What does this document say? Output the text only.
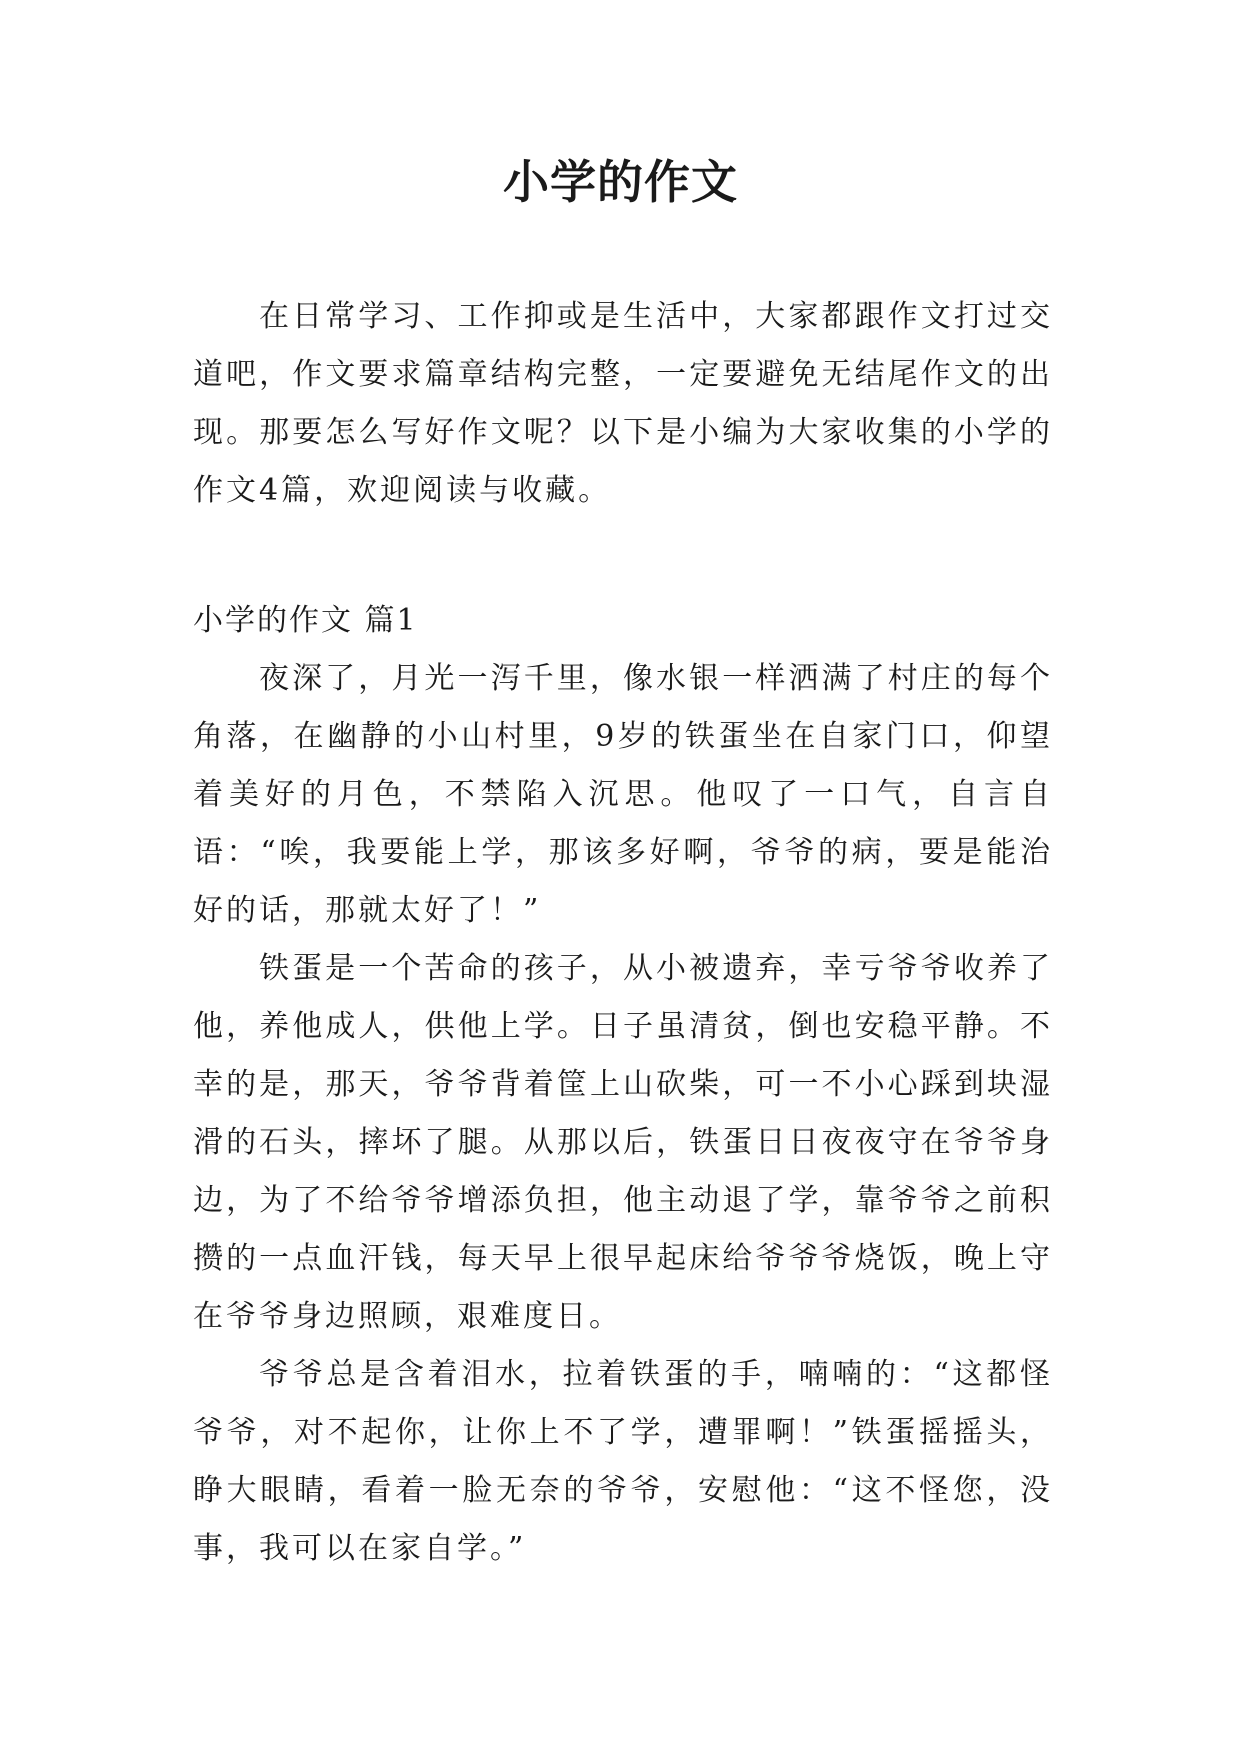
小学的作文

在日常学习、工作抑或是生活中，大家都跟作文打过交道吧，作文要求篇章结构完整，一定要避免无结尾作文的出现。那要怎么写好作文呢？以下是小编为大家收集的小学的作文4篇，欢迎阅读与收藏。

小学的作文 篇1

夜深了，月光一泻千里，像水银一样洒满了村庄的每个角落，在幽静的小山村里，9岁的铁蛋坐在自家门口，仰望着美好的月色，不禁陷入沉思。他叹了一口气，自言自语：“唉，我要能上学，那该多好啊，爷爷的病，要是能治好的话，那就太好了！”

铁蛋是一个苦命的孩子，从小被遗弃，幸亏爷爷收养了他，养他成人，供他上学。日子虽清贫，倒也安稳平静。不幸的是，那天，爷爷背着筐上山砍柴，可一不小心踩到块湿滑的石头，摔坏了腿。从那以后，铁蛋日日夜夜守在爷爷身边，为了不给爷爷增添负担，他主动退了学，靠爷爷之前积攒的一点血汗钱，每天早上很早起床给爷爷爷烧饭，晚上守在爷爷身边照顾，艰难度日。

爷爷总是含着泪水，拉着铁蛋的手，喃喃的：“这都怪爷爷，对不起你，让你上不了学，遭罪啊！”铁蛋摇摇头，睁大眼睛，看着一脸无奈的爷爷，安慰他：“这不怪您，没事，我可以在家自学。”
